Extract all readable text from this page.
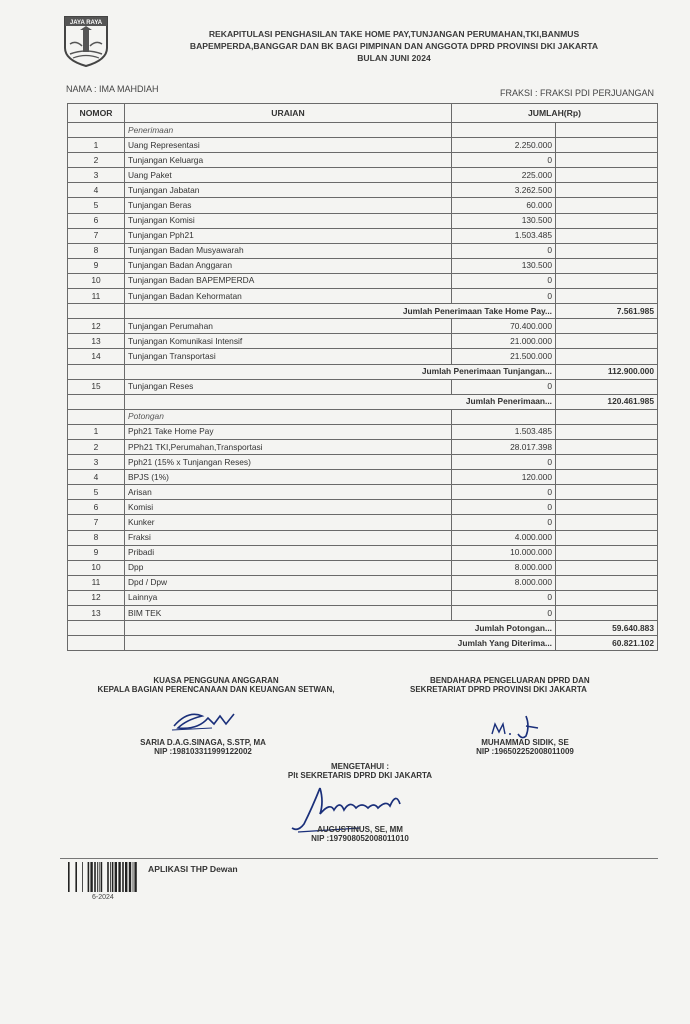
JAYA RAYA
REKAPITULASI PENGHASILAN TAKE HOME PAY,TUNJANGAN PERUMAHAN,TKI,BANMUS
BAPEMPERDA,BANGGAR DAN BK BAGI PIMPINAN DAN ANGGOTA DPRD PROVINSI DKI JAKARTA
BULAN JUNI 2024
NAMA : IMA MAHDIAH	FRAKSI : FRAKSI PDI PERJUANGAN
NOMOR	URAIAN	JUMLAH(Rp)	
	Penerimaan		
1	Uang Representasi	2.250.000	
2	Tunjangan Keluarga	0	
3	Uang Paket	225.000	
4	Tunjangan Jabatan	3.262.500	
5	Tunjangan Beras	60.000	
6	Tunjangan Komisi	130.500	
7	Tunjangan Pph21	1.503.485	
8	Tunjangan Badan Musyawarah	0	
9	Tunjangan Badan Anggaran	130.500	
10	Tunjangan Badan BAPEMPERDA	0	
11	Tunjangan Badan Kehormatan	0	
	Jumlah Penerimaan Take Home Pay...		7.561.985
12	Tunjangan Perumahan	70.400.000	
13	Tunjangan Komunikasi Intensif	21.000.000	
14	Tunjangan Transportasi	21.500.000	
	Jumlah Penerimaan Tunjangan...		112.900.000
15	Tunjangan Reses	0	
	Jumlah Penerimaan...		120.461.985
	Potongan		
1	Pph21 Take Home Pay	1.503.485	
2	PPh21 TKI,Perumahan,Transportasi	28.017.398	
3	Pph21 (15% x Tunjangan Reses)	0	
4	BPJS (1%)	120.000	
5	Arisan	0	
6	Komisi	0	
7	Kunker	0	
8	Fraksi	4.000.000	
9	Pribadi	10.000.000	
10	Dpp	8.000.000	
11	Dpd / Dpw	8.000.000	
12	Lainnya	0	
13	BIM TEK	0	
	Jumlah Potongan...		59.640.883
	Jumlah Yang Diterima...		60.821.102
KUASA PENGGUNA ANGGARAN
KEPALA BAGIAN PERENCANAAN DAN KEUANGAN SETWAN,
SARIA D.A.G.SINAGA, S.STP, MA
NIP :198103311999122002
BENDAHARA PENGELUARAN DPRD DAN
SEKRETARIAT DPRD PROVINSI DKI JAKARTA
MUHAMMAD SIDIK, SE
NIP :196502252008011009
MENGETAHUI :
Plt SEKRETARIS DPRD DKI JAKARTA
AUGUSTINUS, SE, MM
NIP :197908052008011010
6-2024
APLIKASI THP Dewan
